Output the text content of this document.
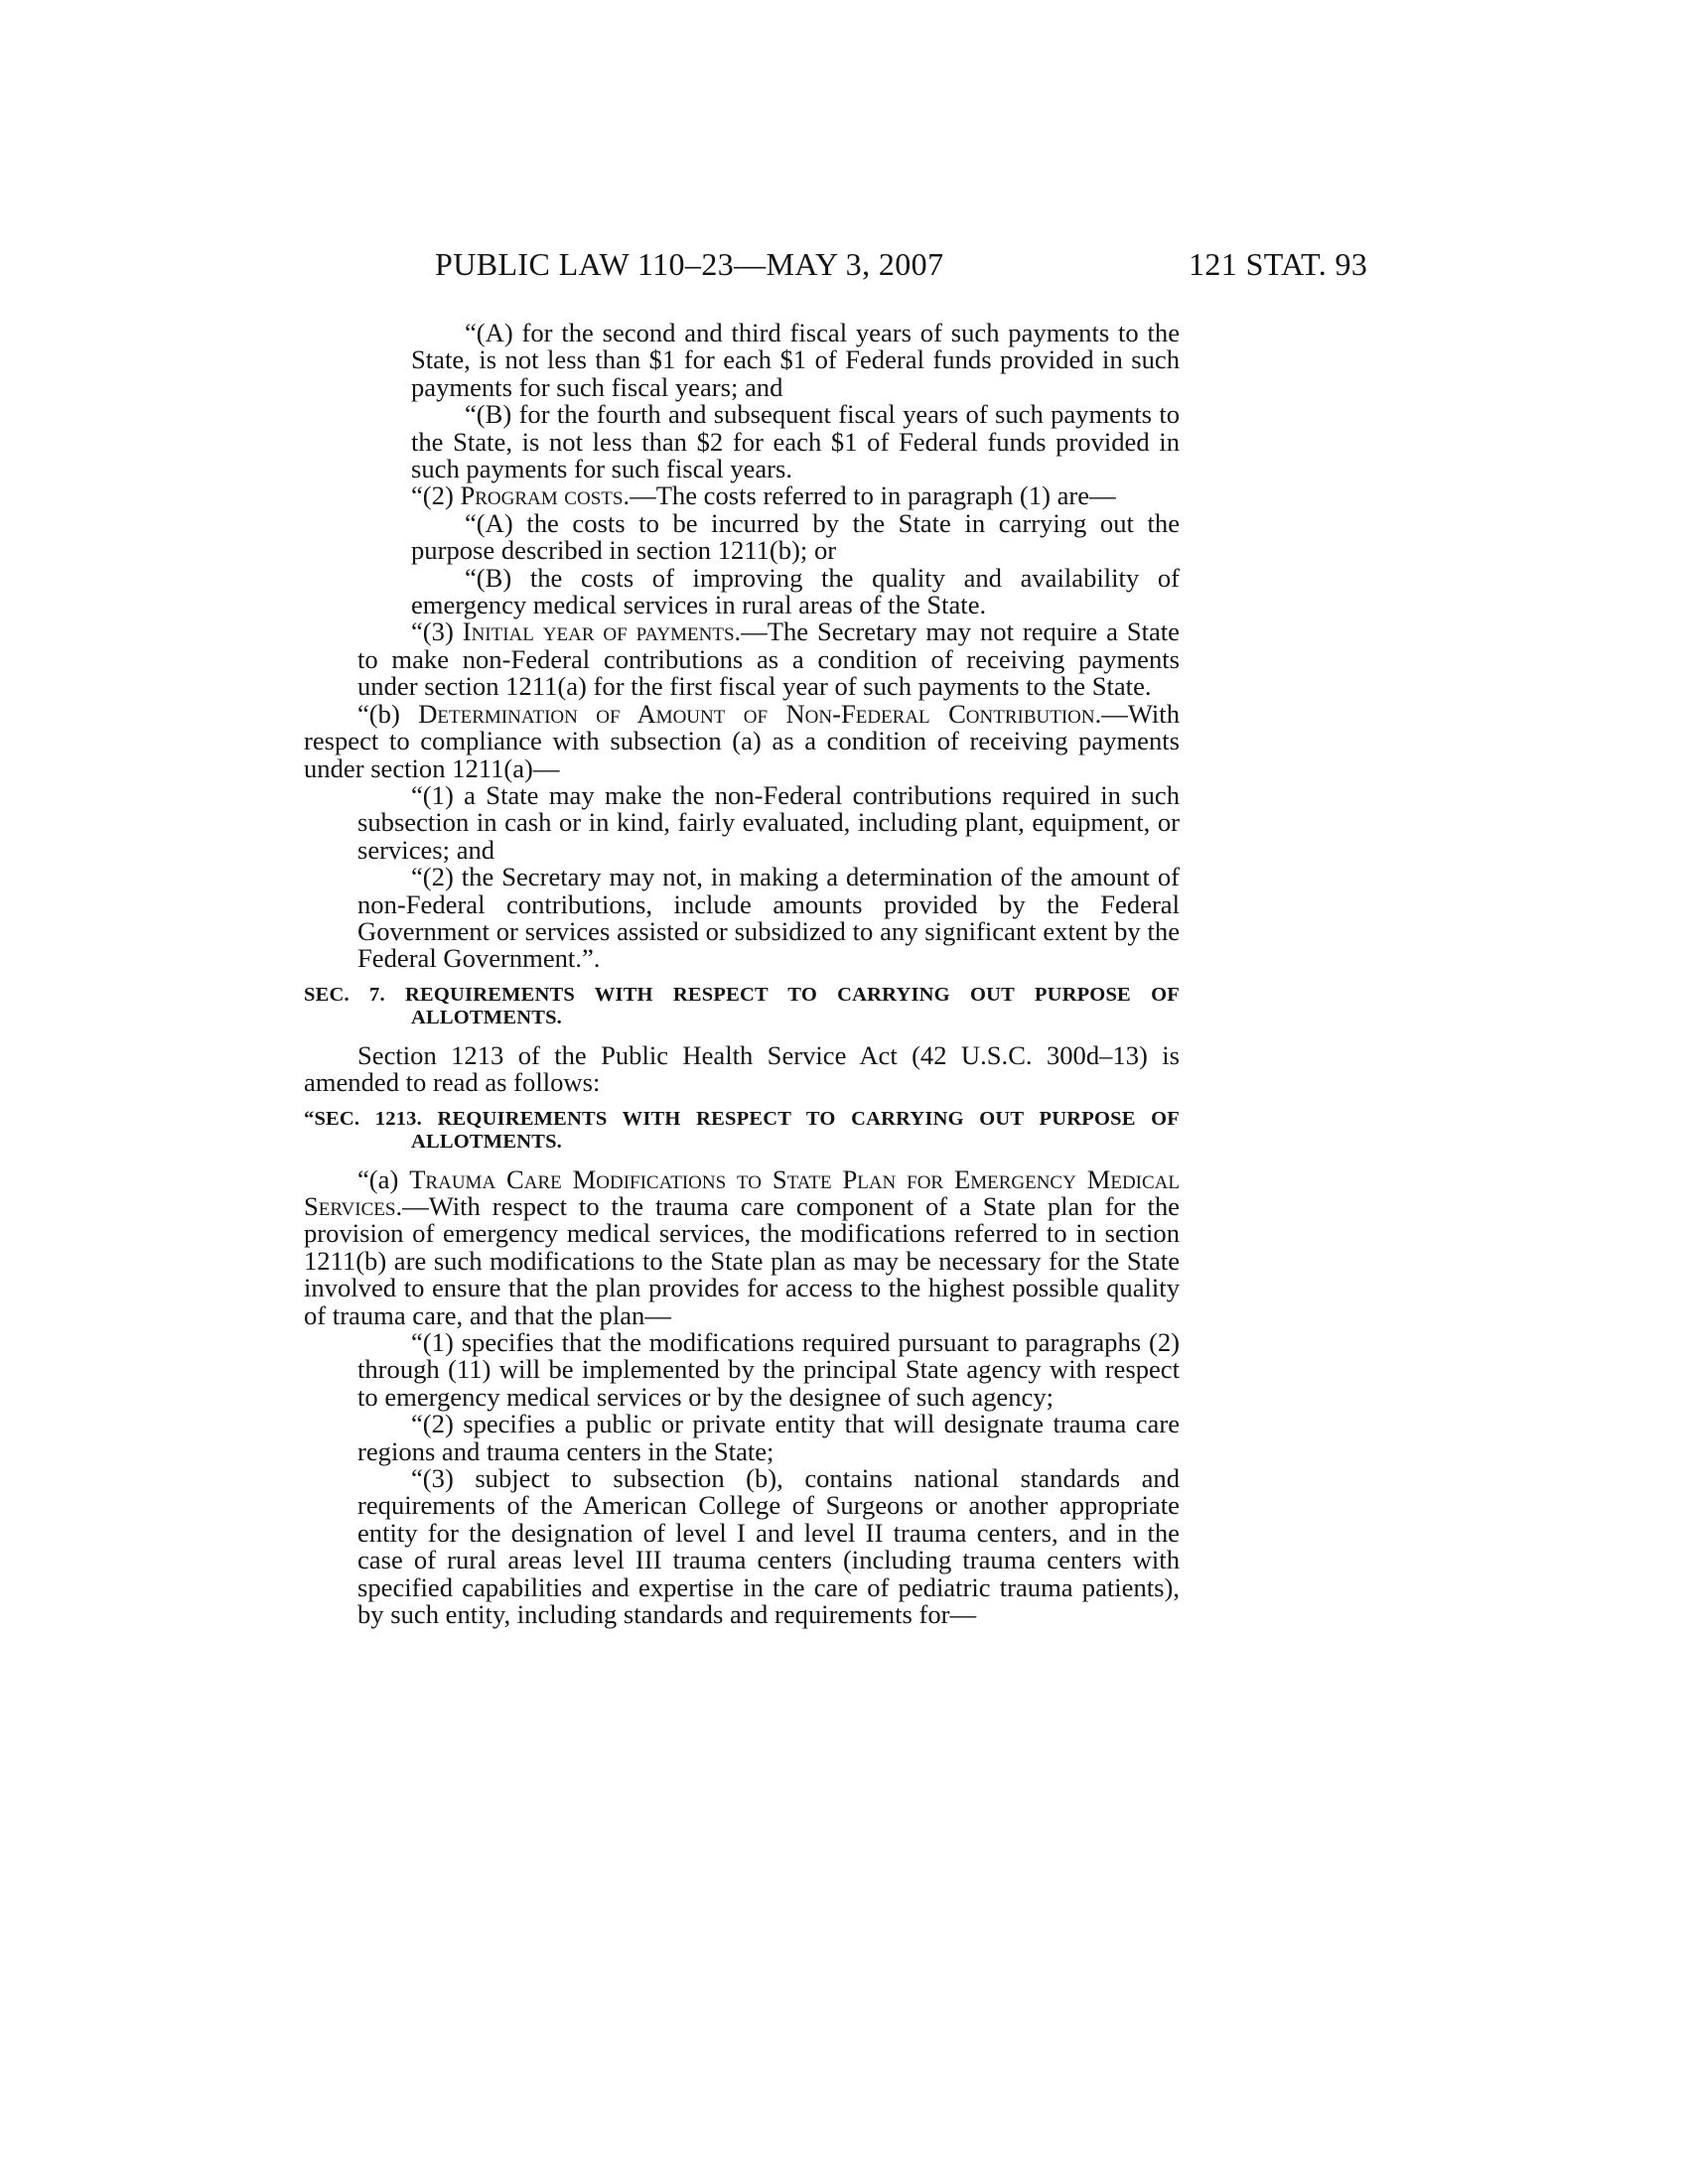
PUBLIC LAW 110–23—MAY 3, 2007	121 STAT. 93

“(A) for the second and third fiscal years of such payments to the State, is not less than $1 for each $1 of Federal funds provided in such payments for such fiscal years; and

“(B) for the fourth and subsequent fiscal years of such payments to the State, is not less than $2 for each $1 of Federal funds provided in such payments for such fiscal years.

“(2) Program costs.—The costs referred to in paragraph (1) are—

“(A) the costs to be incurred by the State in carrying out the purpose described in section 1211(b); or

“(B) the costs of improving the quality and availability of emergency medical services in rural areas of the State.

“(3) Initial year of payments.—The Secretary may not require a State to make non-Federal contributions as a condition of receiving payments under section 1211(a) for the first fiscal year of such payments to the State.

“(b) Determination of Amount of Non-Federal Contribution.—With respect to compliance with subsection (a) as a condition of receiving payments under section 1211(a)—

“(1) a State may make the non-Federal contributions required in such subsection in cash or in kind, fairly evaluated, including plant, equipment, or services; and

“(2) the Secretary may not, in making a determination of the amount of non-Federal contributions, include amounts provided by the Federal Government or services assisted or subsidized to any significant extent by the Federal Government.”.

SEC. 7. REQUIREMENTS WITH RESPECT TO CARRYING OUT PURPOSE OF ALLOTMENTS.

Section 1213 of the Public Health Service Act (42 U.S.C. 300d–13) is amended to read as follows:

“SEC. 1213. REQUIREMENTS WITH RESPECT TO CARRYING OUT PURPOSE OF ALLOTMENTS.

“(a) Trauma Care Modifications to State Plan for Emergency Medical Services.—With respect to the trauma care component of a State plan for the provision of emergency medical services, the modifications referred to in section 1211(b) are such modifications to the State plan as may be necessary for the State involved to ensure that the plan provides for access to the highest possible quality of trauma care, and that the plan—

“(1) specifies that the modifications required pursuant to paragraphs (2) through (11) will be implemented by the principal State agency with respect to emergency medical services or by the designee of such agency;

“(2) specifies a public or private entity that will designate trauma care regions and trauma centers in the State;

“(3) subject to subsection (b), contains national standards and requirements of the American College of Surgeons or another appropriate entity for the designation of level I and level II trauma centers, and in the case of rural areas level III trauma centers (including trauma centers with specified capabilities and expertise in the care of pediatric trauma patients), by such entity, including standards and requirements for—
